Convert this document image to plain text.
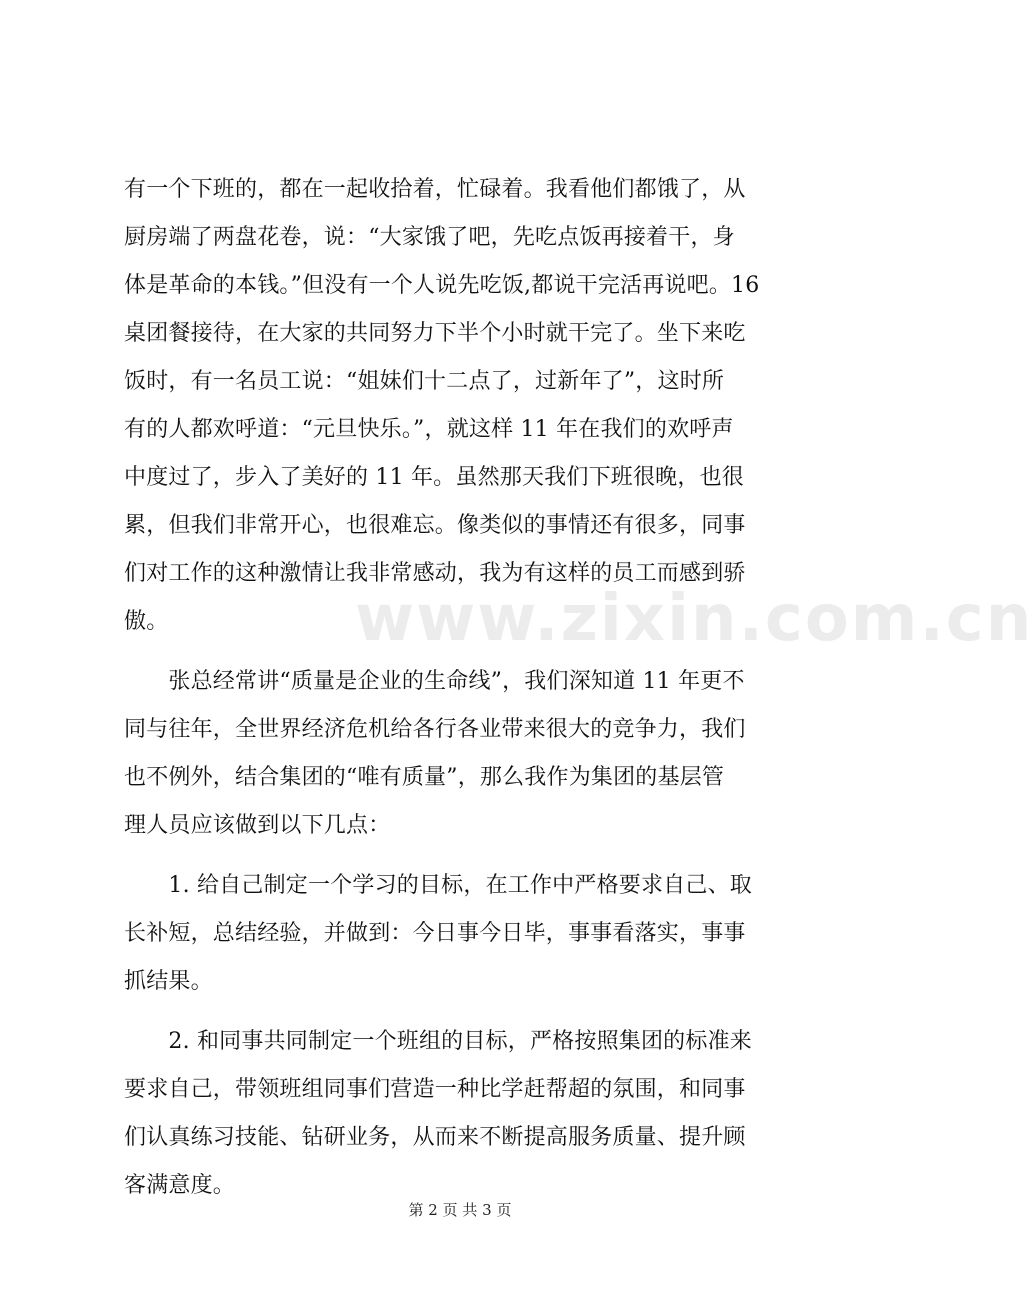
www.zixin.com.cn
有一个下班的，都在一起收拾着，忙碌着。我看他们都饿了，从
厨房端了两盘花卷，说：“大家饿了吧，先吃点饭再接着干，身
体是革命的本钱。”但没有一个人说先吃饭,都说干完活再说吧。16
桌团餐接待，在大家的共同努力下半个小时就干完了。坐下来吃
饭时，有一名员工说：“姐妹们十二点了，过新年了”，这时所
有的人都欢呼道：“元旦快乐。”，就这样 11 年在我们的欢呼声
中度过了，步入了美好的 11 年。虽然那天我们下班很晚，也很
累，但我们非常开心，也很难忘。像类似的事情还有很多，同事
们对工作的这种激情让我非常感动，我为有这样的员工而感到骄
傲。
　　张总经常讲“质量是企业的生命线”，我们深知道 11 年更不
同与往年，全世界经济危机给各行各业带来很大的竞争力，我们
也不例外，结合集团的“唯有质量”，那么我作为集团的基层管
理人员应该做到以下几点：
　　1. 给自己制定一个学习的目标，在工作中严格要求自己、取
长补短，总结经验，并做到：今日事今日毕，事事看落实，事事
抓结果。
　　2. 和同事共同制定一个班组的目标，严格按照集团的标准来
要求自己，带领班组同事们营造一种比学赶帮超的氛围，和同事
们认真练习技能、钻研业务，从而来不断提高服务质量、提升顾
客满意度。
第 2 页 共 3 页
